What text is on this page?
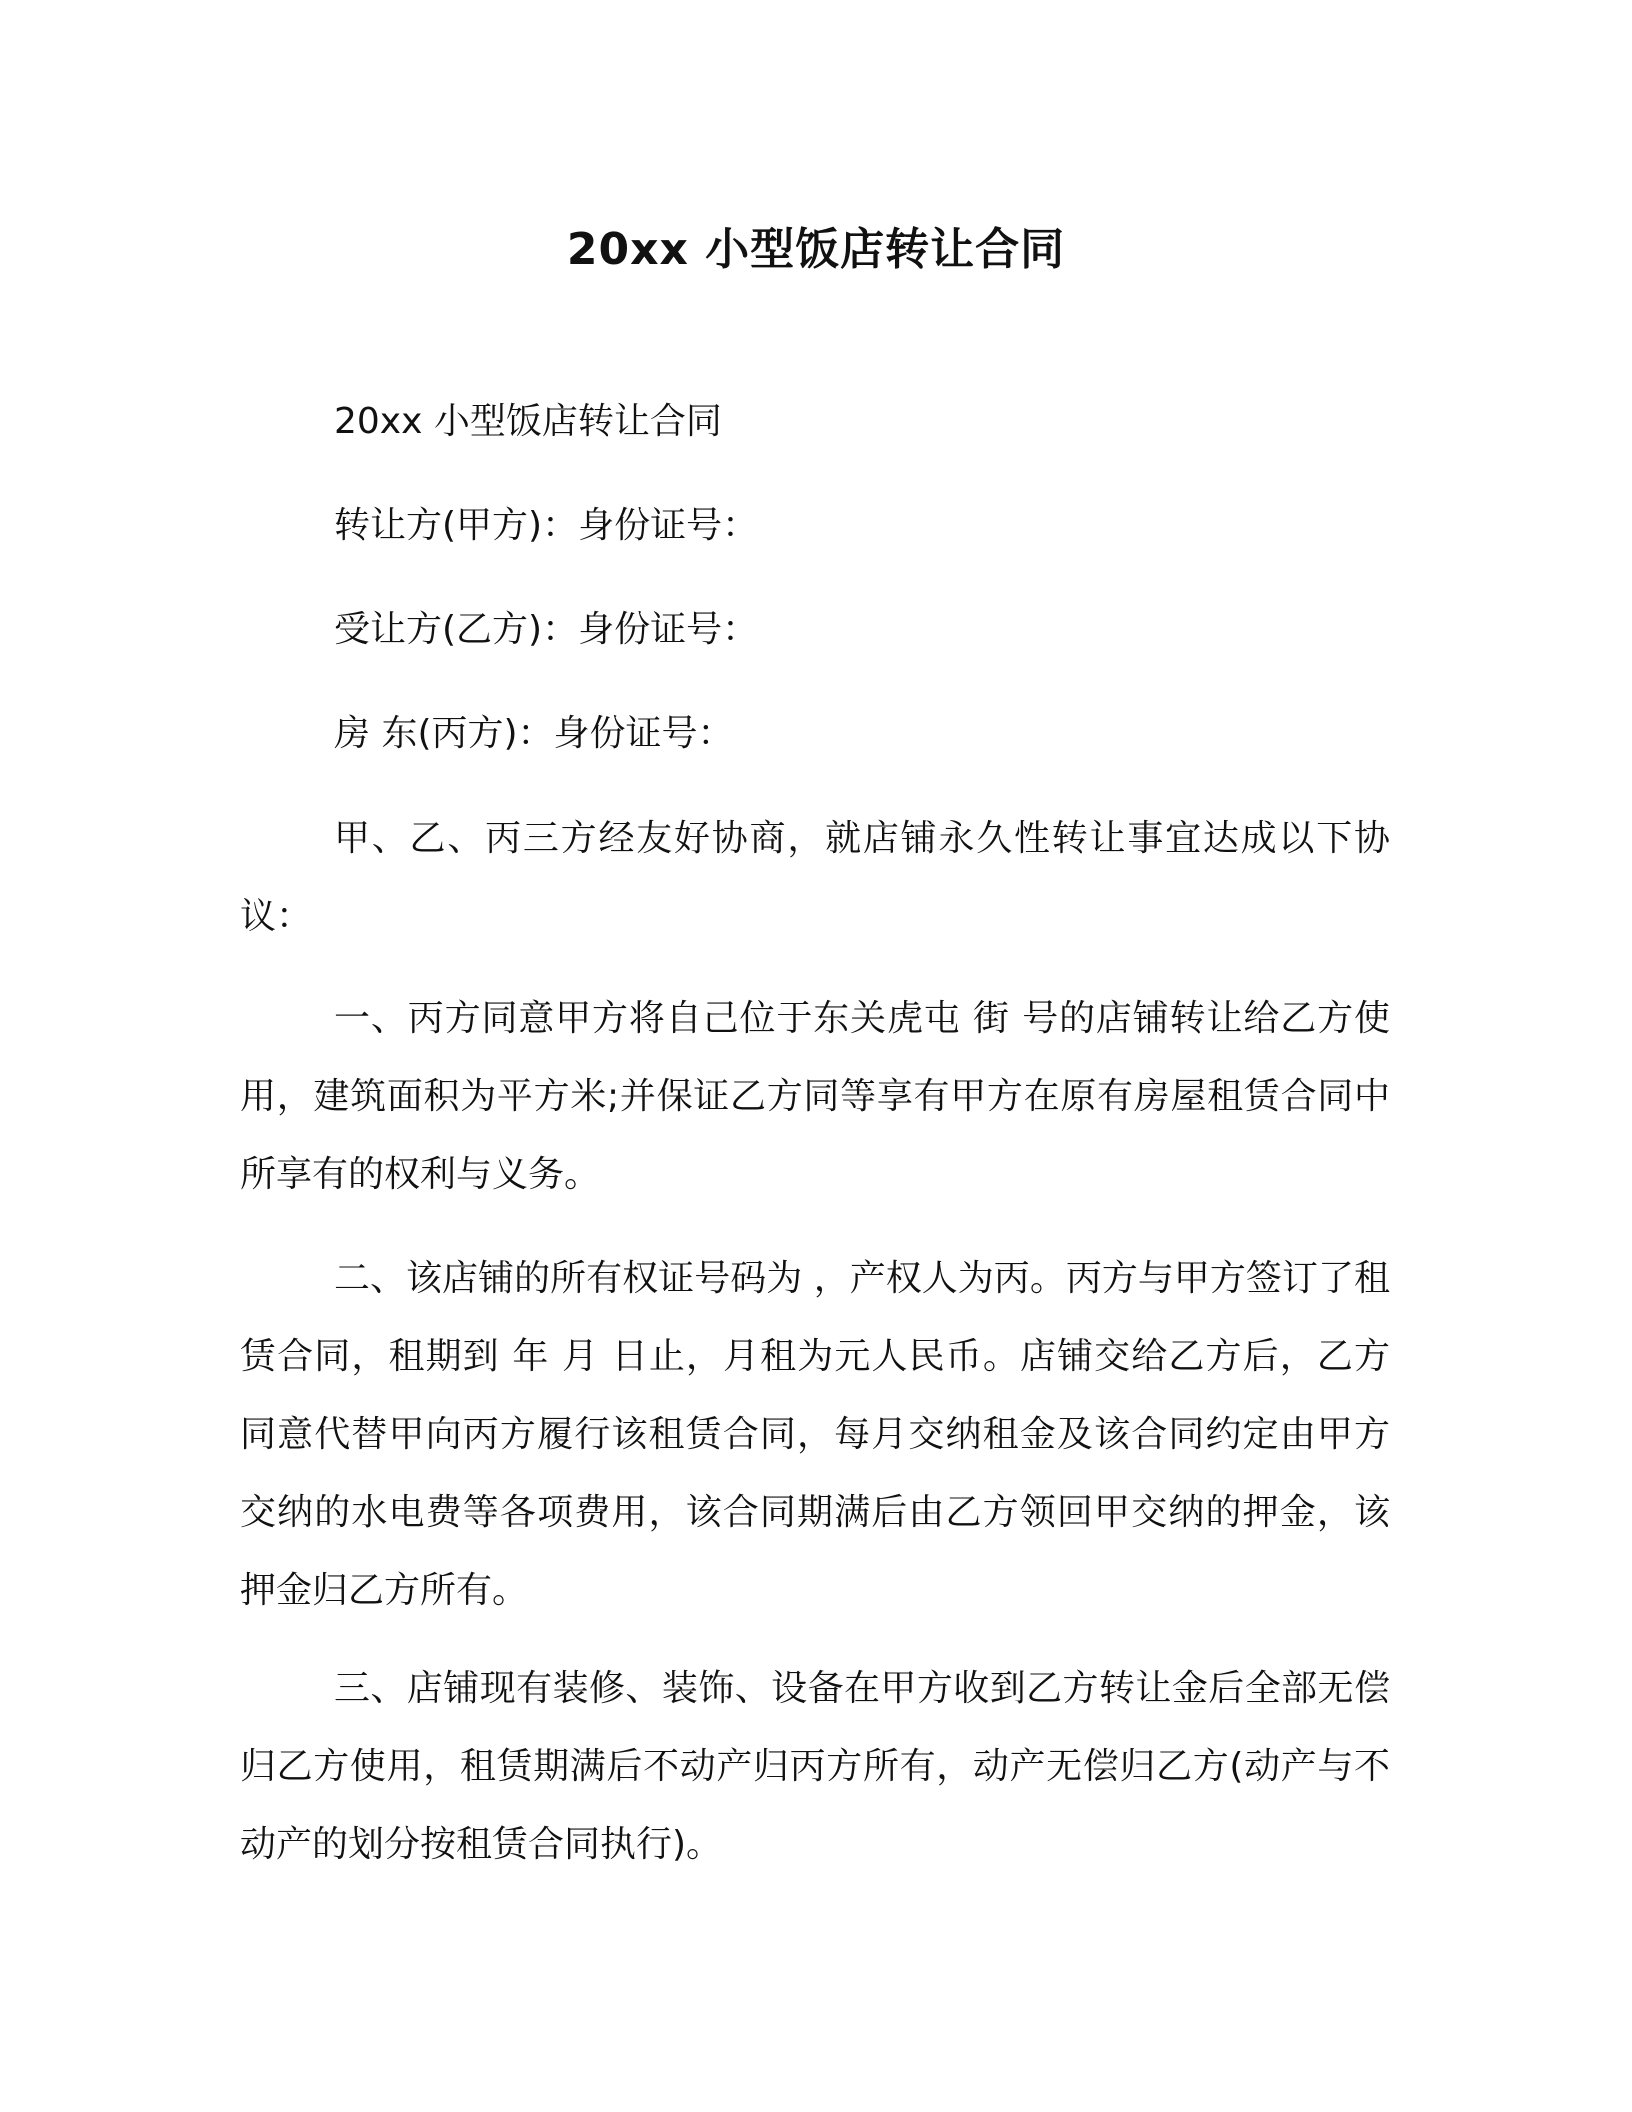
20xx 小型饭店转让合同
20xx 小型饭店转让合同
转让方(甲方)：身份证号：
受让方(乙方)：身份证号：
房 东(丙方)：身份证号：

甲、乙、丙三方经友好协商，就店铺永久性转让事宜达成以下协议：

一、丙方同意甲方将自己位于东关虎屯 街 号的店铺转让给乙方使用，建筑面积为平方米;并保证乙方同等享有甲方在原有房屋租赁合同中所享有的权利与义务。

二、该店铺的所有权证号码为 ，产权人为丙。丙方与甲方签订了租赁合同，租期到 年 月 日止，月租为元人民币。店铺交给乙方后，乙方同意代替甲向丙方履行该租赁合同，每月交纳租金及该合同约定由甲方交纳的水电费等各项费用，该合同期满后由乙方领回甲交纳的押金，该押金归乙方所有。

三、店铺现有装修、装饰、设备在甲方收到乙方转让金后全部无偿归乙方使用，租赁期满后不动产归丙方所有，动产无偿归乙方(动产与不动产的划分按租赁合同执行)。
